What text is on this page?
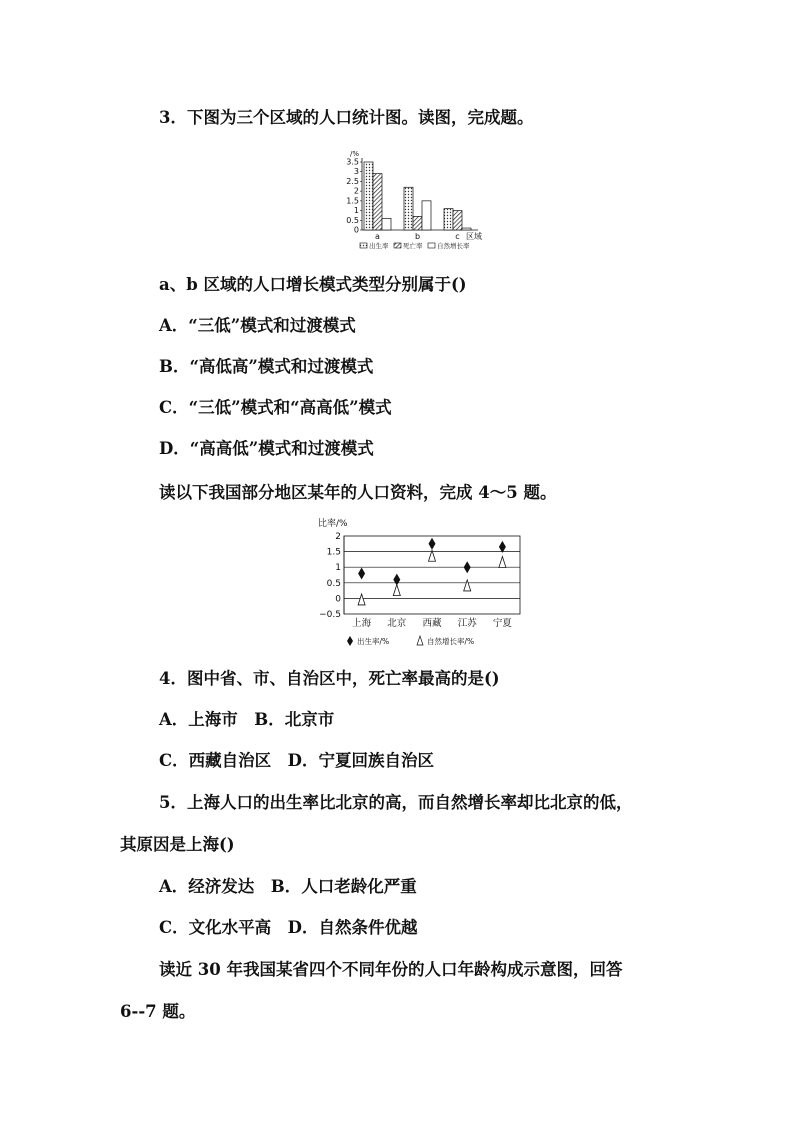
3．下图为三个区域的人口统计图。读图，完成题。
/%
3.5
3
2.5
2
1.5
1
0.5
0
a	b	c 区域
出生率 死亡率 自然增长率
a、b 区域的人口增长模式类型分别属于()
A．“三低”模式和过渡模式
B．“高低高”模式和过渡模式
C．“三低”模式和“高高低”模式
D．“高高低”模式和过渡模式
读以下我国部分地区某年的人口资料，完成 4～5 题。
比率/%
2
1.5
1
0.5
0
−0.5
上海 北京 西藏 江苏 宁夏
出生率/%	自然增长率/%
4．图中省、市、自治区中，死亡率最高的是()
A．上海市　B．北京市
C．西藏自治区　D．宁夏回族自治区
5．上海人口的出生率比北京的高，而自然增长率却比北京的低，
其原因是上海()
A．经济发达　B．人口老龄化严重
C．文化水平高　D．自然条件优越
读近 30 年我国某省四个不同年份的人口年龄构成示意图，回答
6--7 题。
